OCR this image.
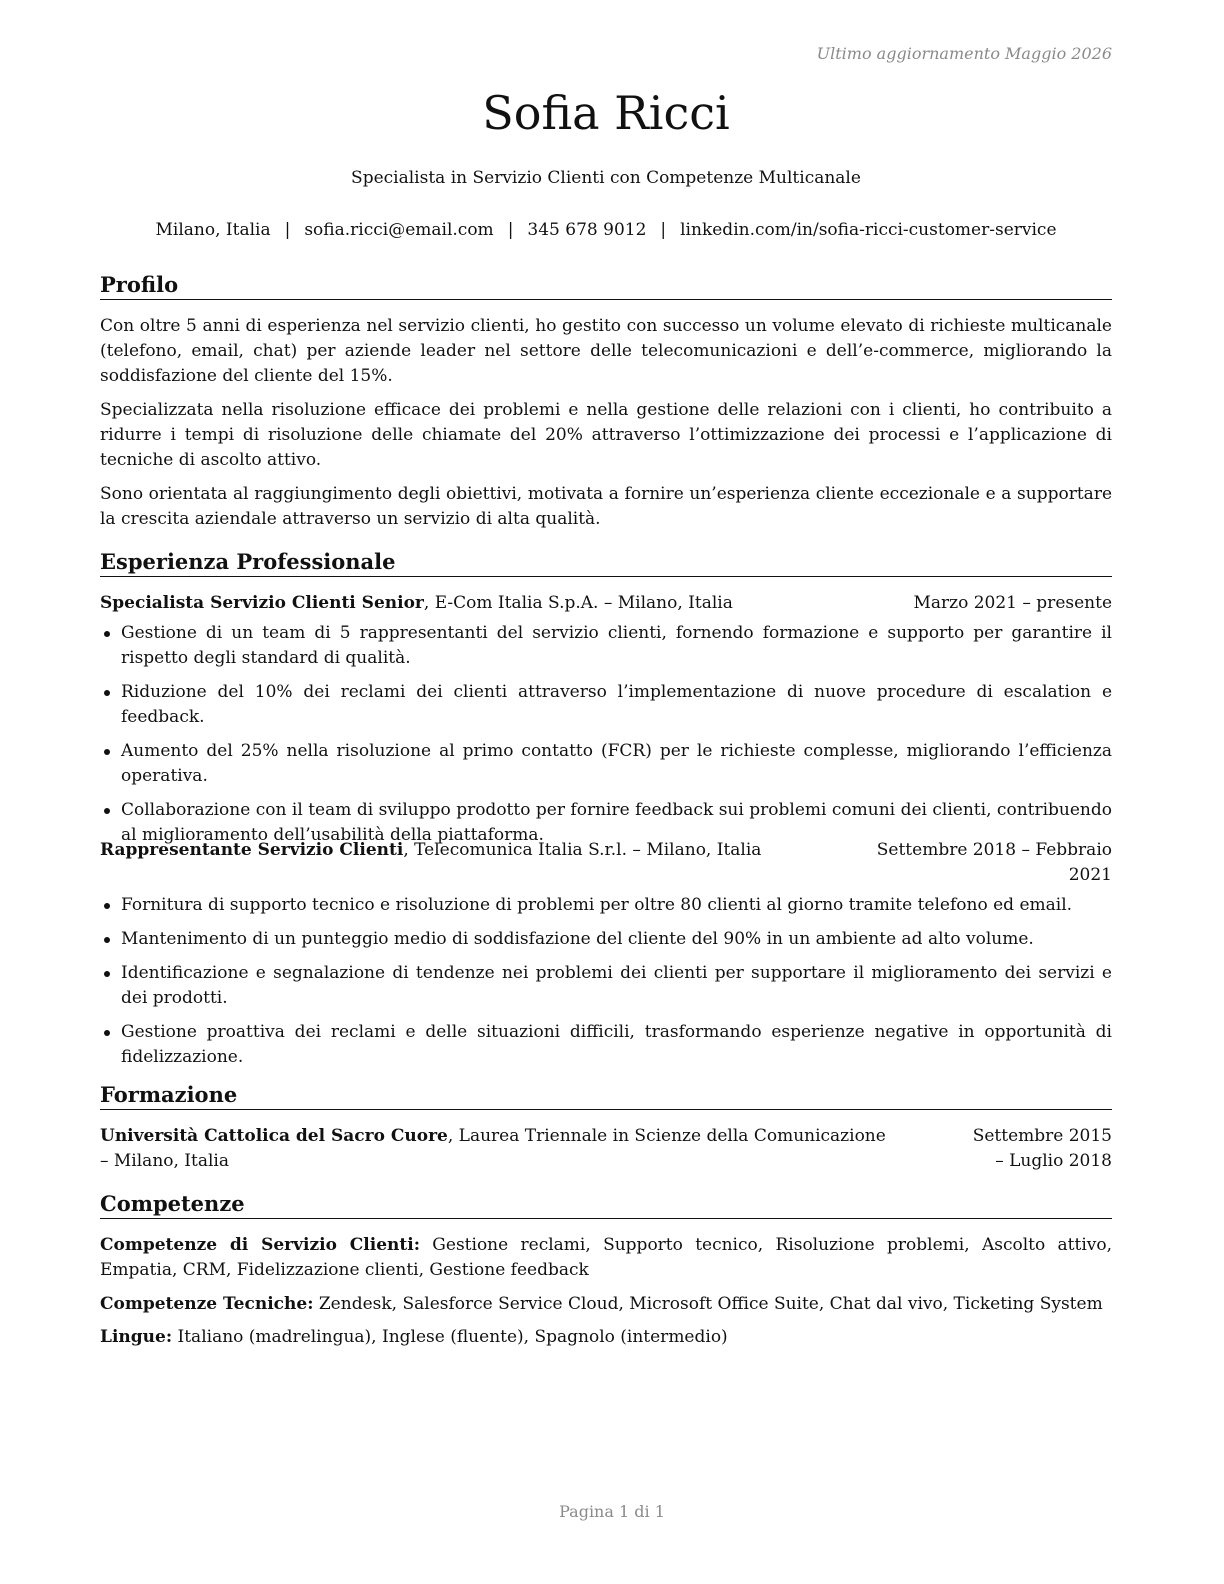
Ultimo aggiornamento Maggio 2026
Sofia Ricci
Specialista in Servizio Clienti con Competenze Multicanale
Milano, Italia | sofia.ricci@email.com | 345 678 9012 | linkedin.com/in/sofia-ricci-customer-service
Profilo

Con oltre 5 anni di esperienza nel servizio clienti, ho gestito con successo un volume elevato di richieste multicanale (telefono, email, chat) per aziende leader nel settore delle telecomunicazioni e dell’e-commerce, migliorando la soddisfazione del cliente del 15%.

Specializzata nella risoluzione efficace dei problemi e nella gestione delle relazioni con i clienti, ho contribuito a ridurre i tempi di risoluzione delle chiamate del 20% attraverso l’ottimizzazione dei processi e l’applicazione di tecniche di ascolto attivo.

Sono orientata al raggiungimento degli obiettivi, motivata a fornire un’esperienza cliente eccezionale e a supportare la crescita aziendale attraverso un servizio di alta qualità.

Esperienza Professionale
Specialista Servizio Clienti Senior, E-Com Italia S.p.A. – Milano, Italia	Marzo 2021 – presente
Gestione di un team di 5 rappresentanti del servizio clienti, fornendo formazione e supporto per garantire il rispetto degli standard di qualità.
Riduzione del 10% dei reclami dei clienti attraverso l’implementazione di nuove procedure di escalation e feedback.
Aumento del 25% nella risoluzione al primo contatto (FCR) per le richieste complesse, migliorando l’efficienza operativa.
Collaborazione con il team di sviluppo prodotto per fornire feedback sui problemi comuni dei clienti, contribuendo al miglioramento dell’usabilità della piattaforma.
Rappresentante Servizio Clienti, Telecomunica Italia S.r.l. – Milano, Italia	Settembre 2018 – Febbraio 2021
Fornitura di supporto tecnico e risoluzione di problemi per oltre 80 clienti al giorno tramite telefono ed email.
Mantenimento di un punteggio medio di soddisfazione del cliente del 90% in un ambiente ad alto volume.
Identificazione e segnalazione di tendenze nei problemi dei clienti per supportare il miglioramento dei servizi e dei prodotti.
Gestione proattiva dei reclami e delle situazioni difficili, trasformando esperienze negative in opportunità di fidelizzazione.
Formazione
Università Cattolica del Sacro Cuore, Laurea Triennale in Scienze della Comunicazione – Milano, Italia
Settembre 2015 – Luglio 2018
Competenze

Competenze di Servizio Clienti: Gestione reclami, Supporto tecnico, Risoluzione problemi, Ascolto attivo, Empatia, CRM, Fidelizzazione clienti, Gestione feedback

Competenze Tecniche: Zendesk, Salesforce Service Cloud, Microsoft Office Suite, Chat dal vivo, Ticketing System

Lingue: Italiano (madrelingua), Inglese (fluente), Spagnolo (intermedio)

Pagina 1 di 1
